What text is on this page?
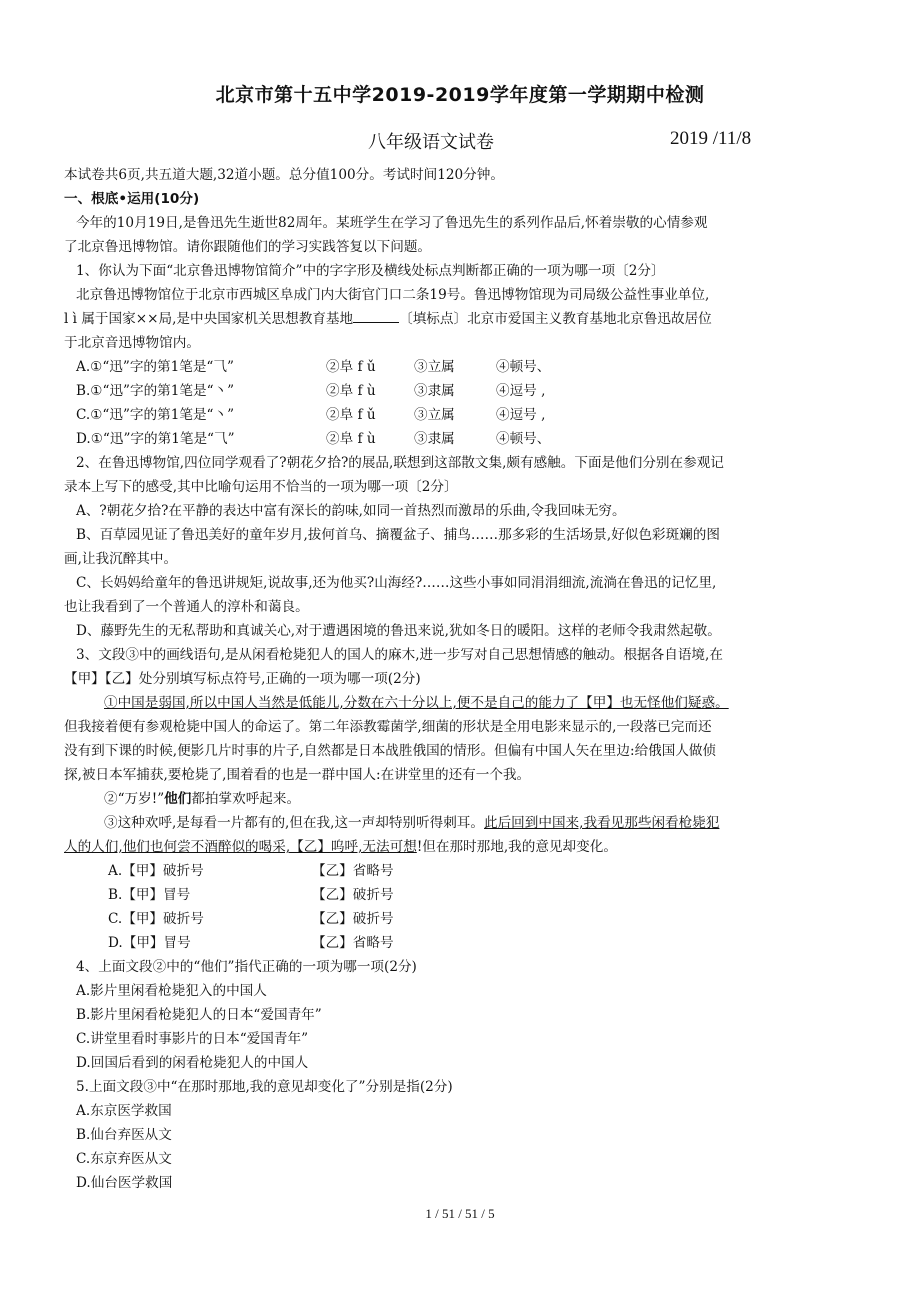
北京市第十五中学2019-2019学年度第一学期期中检测
八年级语文试卷	2019 /11/8
本试卷共6页,共五道大题,32道小题。总分值100分。考试时间120分钟。
一、根底•运用(10分)
今年的10月19日,是鲁迅先生逝世82周年。某班学生在学习了鲁迅先生的系列作品后,怀着崇敬的心情参观
了北京鲁迅博物馆。请你跟随他们的学习实践答复以下问题。
1、你认为下面“北京鲁迅博物馆简介”中的字字形及横线处标点判断都正确的一项为哪一项〔2分〕
北京鲁迅博物馆位于北京市西城区阜成门内大街官门口二条19号。鲁迅博物馆现为司局级公益性事业单位,
l ì 属于国家××局,是中央国家机关思想教育基地	〔填标点〕北京市爱国主义教育基地北京鲁迅故居位
于北京音迅博物馆内。
A.①“迅”字的第1笔是“⺄”	②阜 f ǔ	③立属	④顿号、
B.①“迅”字的第1笔是“丶”	②阜 f ù	③隶属	④逗号 ,
C.①“迅”字的第1笔是“丶”	②阜 f ǔ	③立属	④逗号 ,
D.①“迅”字的第1笔是“⺄”	②阜 f ù	③隶属	④顿号、
2、在鲁迅博物馆,四位同学观看了?朝花夕拾?的展品,联想到这部散文集,颇有感触。下面是他们分别在参观记
录本上写下的感受,其中比喻句运用不恰当的一项为哪一项〔2分〕
A、?朝花夕拾?在平静的表达中富有深长的韵味,如同一首热烈而激昂的乐曲,令我回味无穷。
B、百草园见证了鲁迅美好的童年岁月,拔何首乌、摘覆盆子、捕鸟……那多彩的生活场景,好似色彩斑斓的图
画,让我沉醉其中。
C、长妈妈给童年的鲁迅讲规矩,说故事,还为他买?山海经?……这些小事如同涓涓细流,流淌在鲁迅的记忆里,
也让我看到了一个普通人的淳朴和蔼良。
D、藤野先生的无私帮助和真诚关心,对于遭遇困境的鲁迅来说,犹如冬日的暖阳。这样的老师令我肃然起敬。
3、文段③中的画线语句,是从闲看枪毙犯人的国人的麻木,进一步写对自己思想情感的触动。根据各自语境,在
【甲】【乙】处分别填写标点符号,正确的一项为哪一项(2分)
①中国是弱国,所以中国人当然是低能儿,分数在六十分以上,便不是自己的能力了【甲】也无怪他们疑惑。
但我接着便有参观枪毙中国人的命运了。第二年添教霉菌学,细菌的形状是全用电影来显示的,一段落已完而还
没有到下课的时候,便影几片时事的片子,自然都是日本战胜俄国的情形。但偏有中国人矢在里边:给俄国人做侦
探,被日本军捕获,要枪毙了,围着看的也是一群中国人:在讲堂里的还有一个我。
②“万岁!”他们都拍掌欢呼起来。
③这种欢呼,是每看一片都有的,但在我,这一声却特别听得刺耳。此后回到中国来,我看见那些闲看枪毙犯
人的人们,他们也何尝不酒醉似的喝采,【乙】呜呼,无法可想!但在那时那地,我的意见却变化。
A.【甲】破折号	【乙】省略号
B.【甲】冒号	【乙】破折号
C.【甲】破折号	【乙】破折号
D.【甲】冒号	【乙】省略号
4、上面文段②中的“他们”指代正确的一项为哪一项(2分)
A.影片里闲看枪毙犯入的中国人
B.影片里闲看枪毙犯人的日本“爱国青年”
C.讲堂里看时事影片的日本“爱国青年”
D.回国后看到的闲看枪毙犯人的中国人
5.上面文段③中“在那时那地,我的意见却变化了”分别是指(2分)
A.东京医学救国
B.仙台弃医从文
C.东京弃医从文
D.仙台医学救国
1 / 51 / 51 / 5
